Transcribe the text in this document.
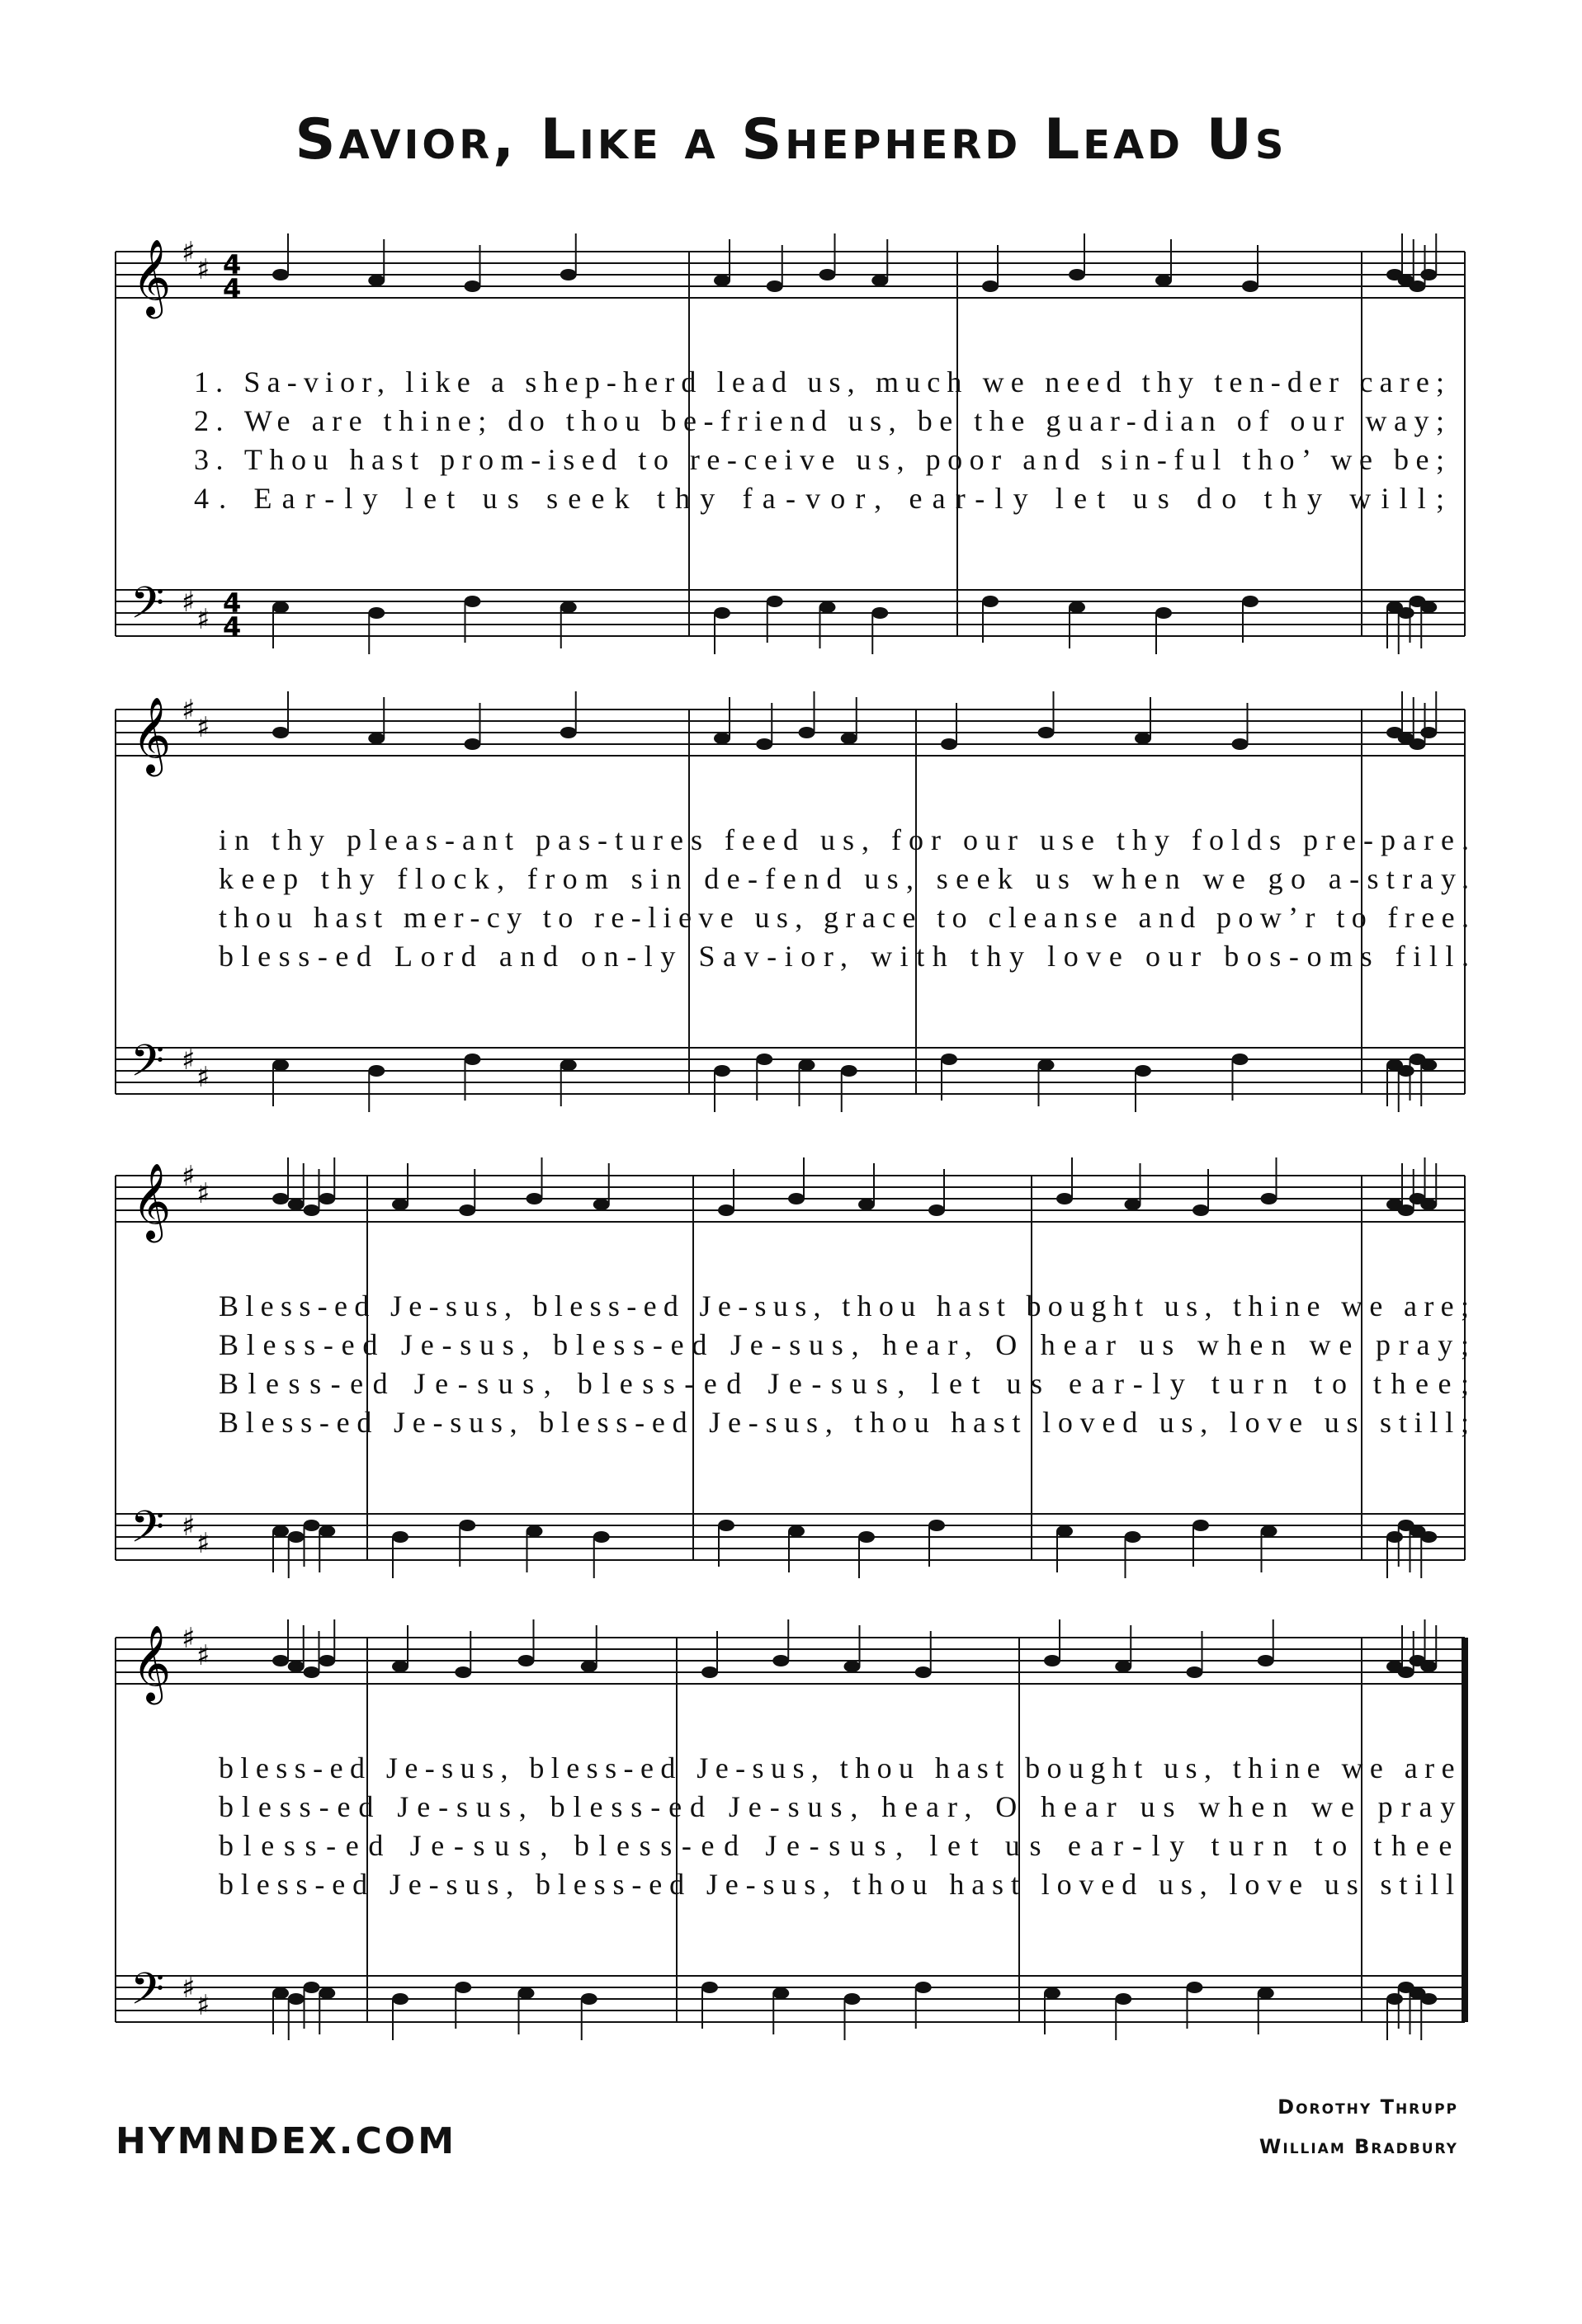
Savior, Like a Shepherd Lead Us
𝄞
𝄢
♯
♯
♯
♯
4
4
4
4
1. Sa-vior, like a shep-herd lead us, much we need thy ten-der care;
2. We are thine; do thou be-friend us, be the guar-dian of our way;
3. Thou hast prom-ised to re-ceive us, poor and sin-ful tho’ we be;
4. Ear-ly let us seek thy fa-vor, ear-ly let us do thy will;
𝄞
𝄢
♯
♯
♯
♯
in thy pleas-ant pas-tures feed us, for our use thy folds pre-pare.
keep thy flock, from sin de-fend us, seek us when we go a-stray.
thou hast mer-cy to re-lieve us, grace to cleanse and pow’r to free.
bless-ed Lord and on-ly Sav-ior, with thy love our bos-oms fill.
𝄞
𝄢
♯
♯
♯
♯
Bless-ed Je-sus, bless-ed Je-sus, thou hast bought us, thine we are;
Bless-ed Je-sus, bless-ed Je-sus, hear, O hear us when we pray;
Bless-ed Je-sus, bless-ed Je-sus, let us ear-ly turn to thee;
Bless-ed Je-sus, bless-ed Je-sus, thou hast loved us, love us still;
𝄞
𝄢
♯
♯
♯
♯
bless-ed Je-sus, bless-ed Je-sus, thou hast bought us, thine we are.
bless-ed Je-sus, bless-ed Je-sus, hear, O hear us when we pray.
bless-ed Je-sus, bless-ed Je-sus, let us ear-ly turn to thee.
bless-ed Je-sus, bless-ed Je-sus, thou hast loved us, love us still.
HYMNDEX.COM
Dorothy Thrupp
William Bradbury
